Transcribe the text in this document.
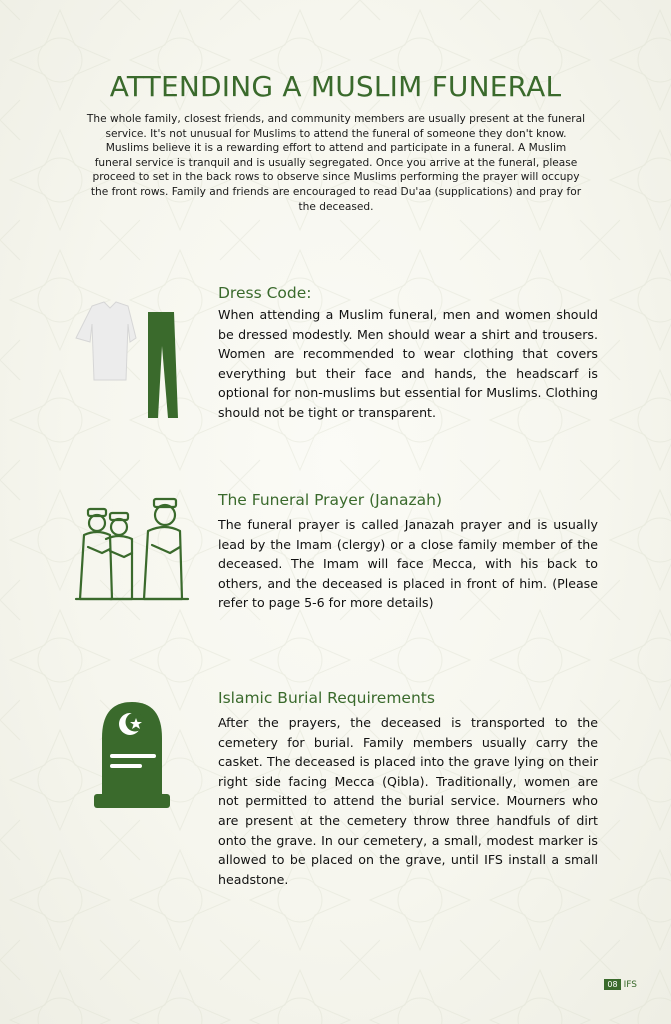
ATTENDING A MUSLIM FUNERAL

The whole family, closest friends, and community members are usually present at the funeral service. It's not unusual for Muslims to attend the funeral of someone they don't know. Muslims believe it is a rewarding effort to attend and participate in a funeral. A Muslim funeral service is tranquil and is usually segregated. Once you arrive at the funeral, please proceed to set in the back rows to observe since Muslims performing the prayer will occupy the front rows. Family and friends are encouraged to read Du'aa (supplications) and pray for the deceased.

Dress Code:

When attending a Muslim funeral, men and women should be dressed modestly. Men should wear a shirt and trousers. Women are recommended to wear clothing that covers everything but their face and hands, the headscarf is optional for non-muslims but essential for Muslims. Clothing should not be tight or transparent.

The Funeral Prayer (Janazah)

The funeral prayer is called Janazah prayer and is usually lead by the Imam (clergy) or a close family member of the deceased. The Imam will face Mecca, with his back to others, and the deceased is placed in front of him. (Please refer to page 5-6 for more details)

Islamic Burial Requirements

After the prayers, the deceased is transported to the cemetery for burial. Family members usually carry the casket. The deceased is placed into the grave lying on their right side facing Mecca (Qibla). Traditionally, women are not permitted to attend the burial service. Mourners who are present at the cemetery throw three handfuls of dirt onto the grave. In our cemetery, a small, modest marker is allowed to be placed on the grave, until IFS install a small headstone.

08 IFS
